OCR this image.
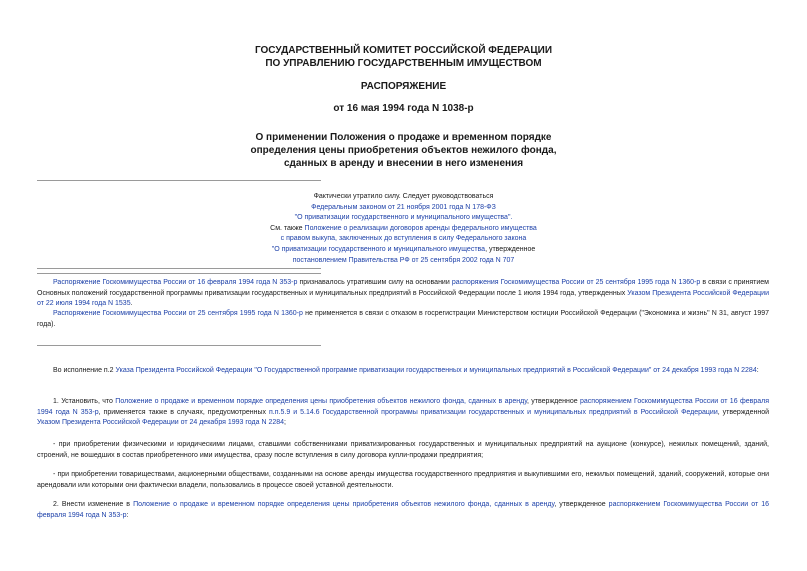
ГОСУДАРСТВЕННЫЙ КОМИТЕТ РОССИЙСКОЙ ФЕДЕРАЦИИ
ПО УПРАВЛЕНИЮ ГОСУДАРСТВЕННЫМ ИМУЩЕСТВОМ
РАСПОРЯЖЕНИЕ
от 16 мая 1994 года N 1038-р
О применении Положения о продаже и временном порядке
определения цены приобретения объектов нежилого фонда,
сданных в аренду и внесении в него изменения
Фактически утратило силу. Следует руководствоваться
Федеральным законом от 21 ноября 2001 года N 178-ФЗ
"О приватизации государственного и муниципального имущества".
См. также Положение о реализации договоров аренды федерального имущества
с правом выкупа, заключенных до вступления в силу Федерального закона
"О приватизации государственного и муниципального имущества, утвержденное
постановлением Правительства РФ от 25 сентября 2002 года N 707

Распоряжение Госкомимущества России от 16 февраля 1994 года N 353-р признавалось утратившим силу на основании распоряжения Госкомимущества России от 25 сентября 1995 года N 1360-р в связи с принятием Основных положений государственной программы приватизации государственных и муниципальных предприятий в Российской Федерации после 1 июля 1994 года, утвержденных Указом Президента Российской Федерации от 22 июля 1994 года N 1535.

Распоряжение Госкомимущества России от 25 сентября 1995 года N 1360-р не применяется в связи с отказом в госрегистрации Министерством юстиции Российской Федерации ("Экономика и жизнь" N 31, август 1997 года).

Во исполнение п.2 Указа Президента Российской Федерации "О Государственной программе приватизации государственных и муниципальных предприятий в Российской Федерации" от 24 декабря 1993 года N 2284:

1. Установить, что Положение о продаже и временном порядке определения цены приобретения объектов нежилого фонда, сданных в аренду, утвержденное распоряжением Госкомимущества России от 16 февраля 1994 года N 353-р, применяется также в случаях, предусмотренных п.п.5.9 и 5.14.6 Государственной программы приватизации государственных и муниципальных предприятий в Российской Федерации, утвержденной Указом Президента Российской Федерации от 24 декабря 1993 года N 2284;

- при приобретении физическими и юридическими лицами, ставшими собственниками приватизированных государственных и муниципальных предприятий на аукционе (конкурсе), нежилых помещений, зданий, строений, не вошедших в состав приобретенного ими имущества, сразу после вступления в силу договора купли-продажи предприятия;

- при приобретении товариществами, акционерными обществами, созданными на основе аренды имущества государственного предприятия и выкупившими его, нежилых помещений, зданий, сооружений, которые они арендовали или которыми они фактически владели, пользовались в процессе своей уставной деятельности.

2. Внести изменение в Положение о продаже и временном порядке определения цены приобретения объектов нежилого фонда, сданных в аренду, утвержденное распоряжением Госкомимущества России от 16 февраля 1994 года N 353-р:
